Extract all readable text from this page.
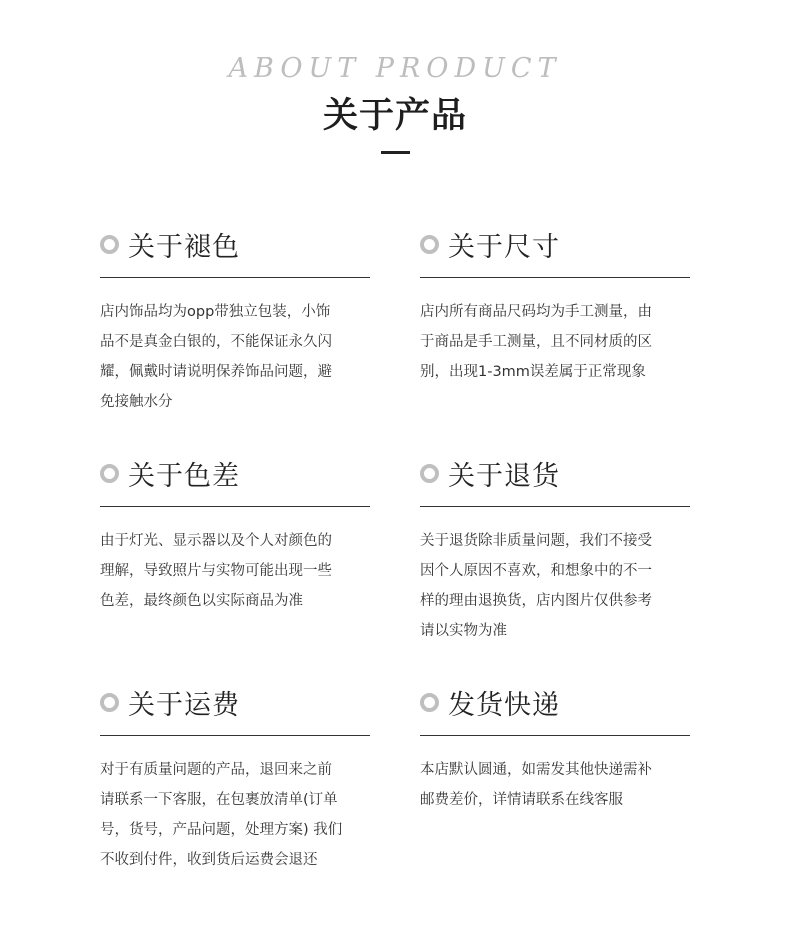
ABOUT PRODUCT
关于产品
关于褪色
店内饰品均为opp带独立包装，小饰
品不是真金白银的，不能保证永久闪
耀，佩戴时请说明保养饰品问题，避
免接触水分
关于尺寸
店内所有商品尺码均为手工测量，由
于商品是手工测量，且不同材质的区
别，出现1-3mm误差属于正常现象
关于色差
由于灯光、显示器以及个人对颜色的
理解，导致照片与实物可能出现一些
色差，最终颜色以实际商品为准
关于退货
关于退货除非质量问题，我们不接受
因个人原因不喜欢，和想象中的不一
样的理由退换货，店内图片仅供参考
请以实物为准
关于运费
对于有质量问题的产品，退回来之前
请联系一下客服，在包裹放清单(订单
号，货号，产品问题，处理方案) 我们
不收到付件，收到货后运费会退还
发货快递
本店默认圆通，如需发其他快递需补
邮费差价，详情请联系在线客服
